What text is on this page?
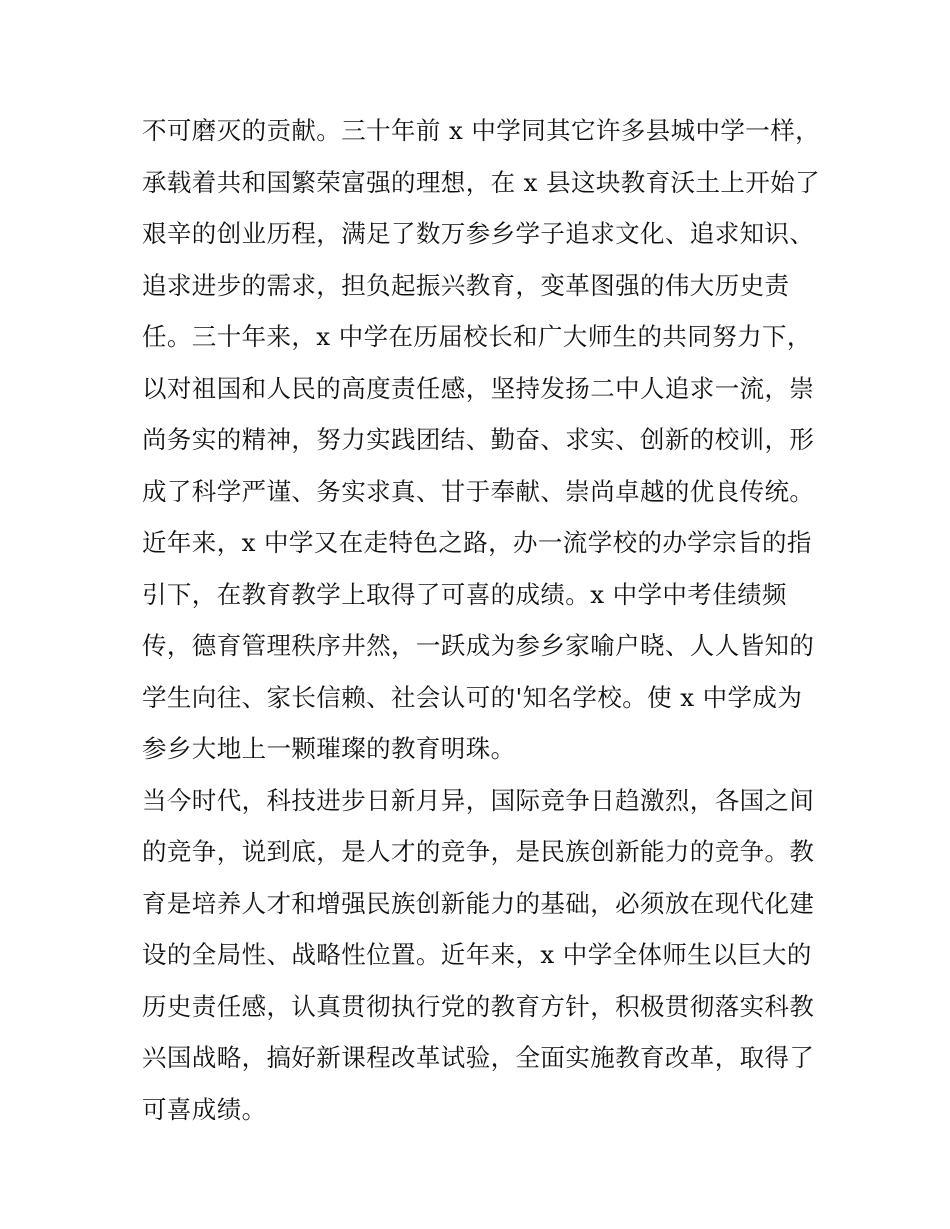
不可磨灭的贡献。三十年前 x 中学同其它许多县城中学一样，
承载着共和国繁荣富强的理想，在 x 县这块教育沃土上开始了
艰辛的创业历程，满足了数万参乡学子追求文化、追求知识、
追求进步的需求，担负起振兴教育，变革图强的伟大历史责
任。三十年来，x 中学在历届校长和广大师生的共同努力下，
以对祖国和人民的高度责任感，坚持发扬二中人追求一流，崇
尚务实的精神，努力实践团结、勤奋、求实、创新的校训，形
成了科学严谨、务实求真、甘于奉献、崇尚卓越的优良传统。
近年来，x 中学又在走特色之路，办一流学校的办学宗旨的指
引下，在教育教学上取得了可喜的成绩。x 中学中考佳绩频
传，德育管理秩序井然，一跃成为参乡家喻户晓、人人皆知的
学生向往、家长信赖、社会认可的'知名学校。使 x 中学成为
参乡大地上一颗璀璨的教育明珠。
当今时代，科技进步日新月异，国际竞争日趋激烈，各国之间
的竞争，说到底，是人才的竞争，是民族创新能力的竞争。教
育是培养人才和增强民族创新能力的基础，必须放在现代化建
设的全局性、战略性位置。近年来，x 中学全体师生以巨大的
历史责任感，认真贯彻执行党的教育方针，积极贯彻落实科教
兴国战略，搞好新课程改革试验，全面实施教育改革，取得了
可喜成绩。
